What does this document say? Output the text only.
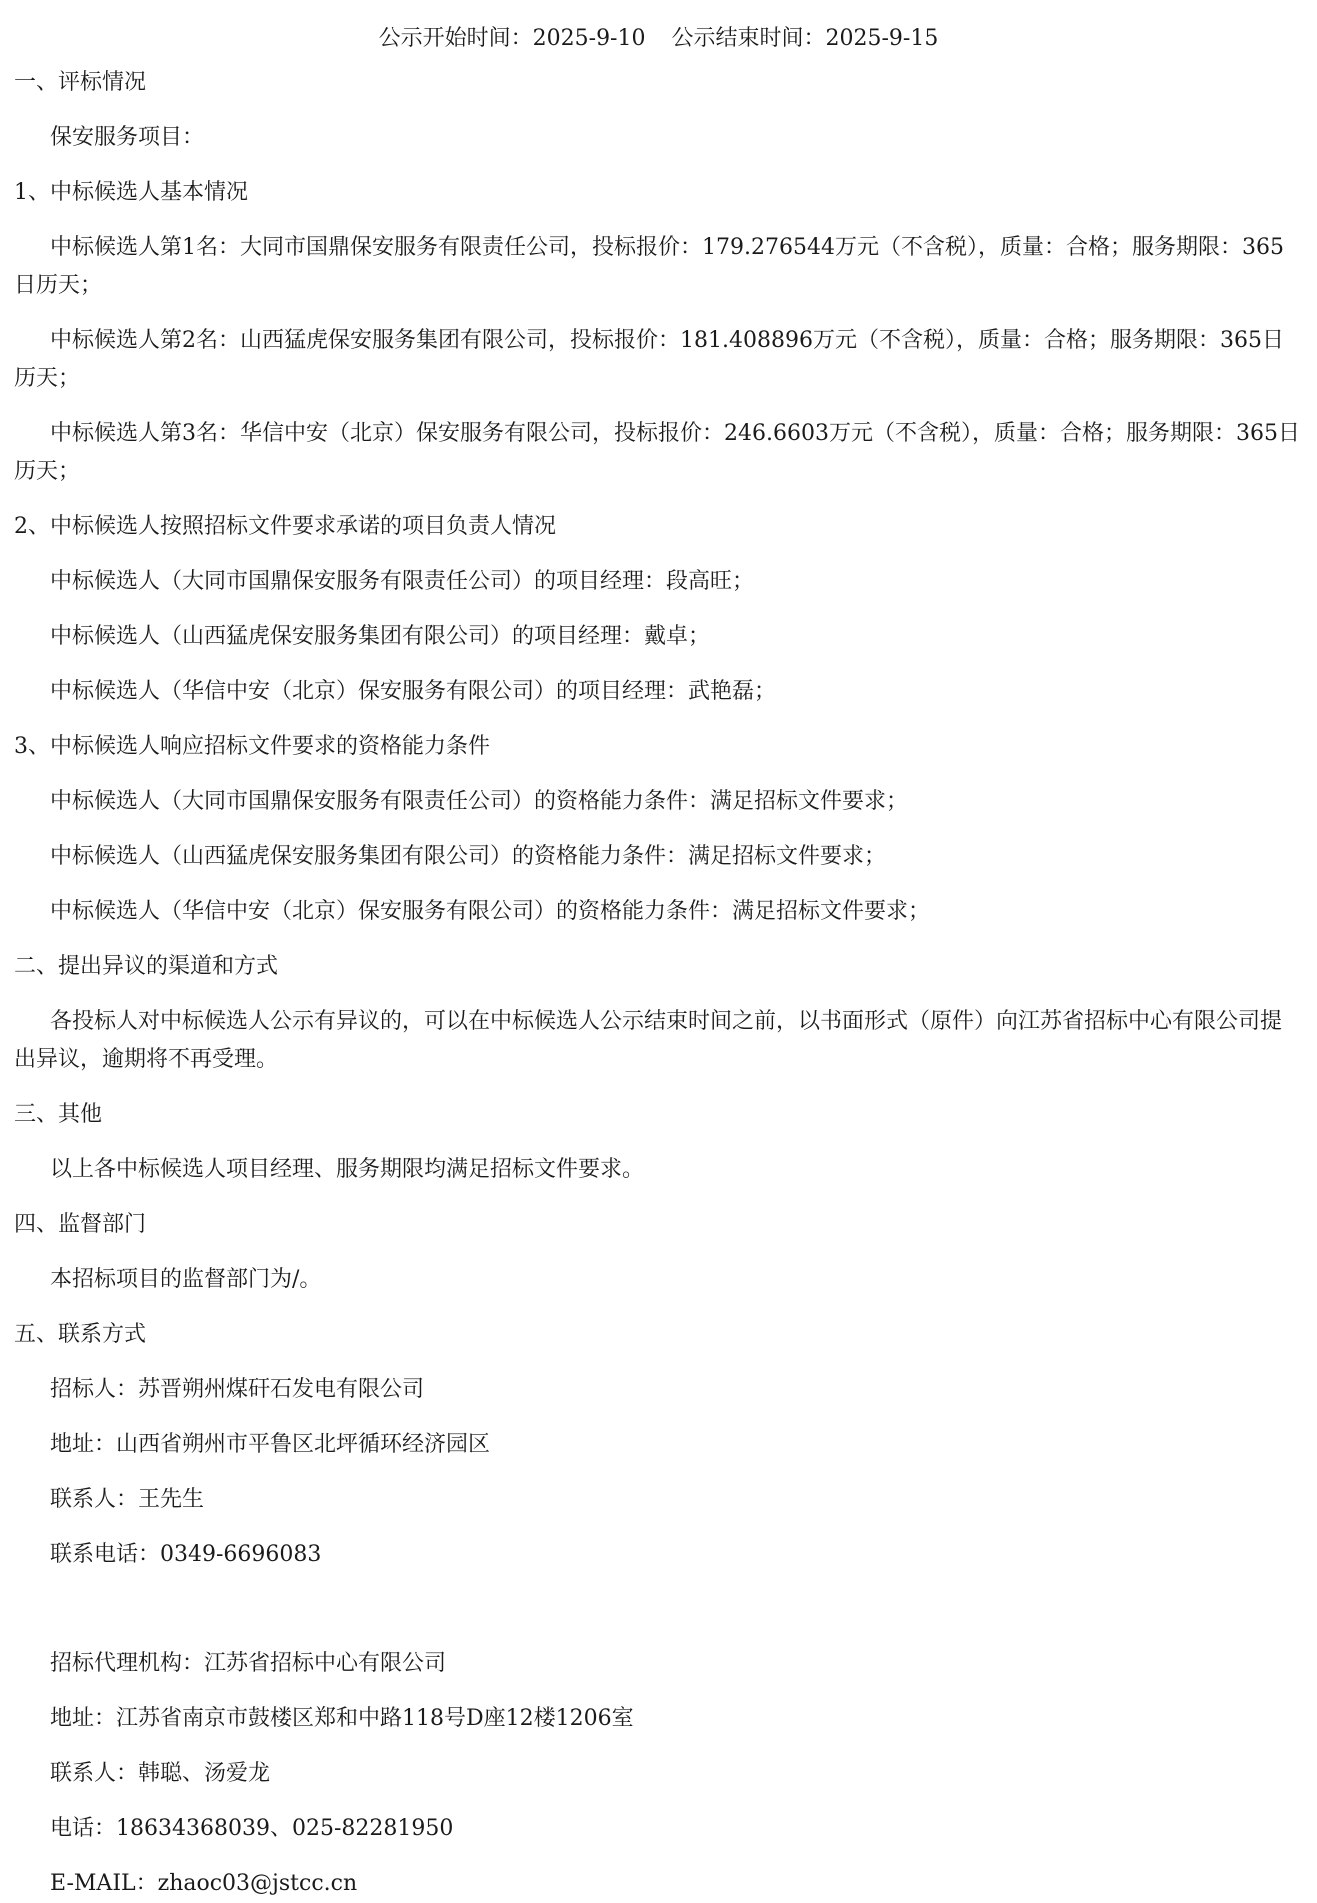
公示开始时间：2025-9-10 公示结束时间：2025-9-15
一、评标情况
保安服务项目：
1、中标候选人基本情况
中标候选人第1名：大同市国鼎保安服务有限责任公司，投标报价：179.276544万元（不含税），质量：合格；服务期限：365日历天；
中标候选人第2名：山西猛虎保安服务集团有限公司，投标报价：181.408896万元（不含税），质量：合格；服务期限：365日历天；
中标候选人第3名：华信中安（北京）保安服务有限公司，投标报价：246.6603万元（不含税），质量：合格；服务期限：365日历天；
2、中标候选人按照招标文件要求承诺的项目负责人情况
中标候选人（大同市国鼎保安服务有限责任公司）的项目经理：段高旺；
中标候选人（山西猛虎保安服务集团有限公司）的项目经理：戴卓；
中标候选人（华信中安（北京）保安服务有限公司）的项目经理：武艳磊；
3、中标候选人响应招标文件要求的资格能力条件
中标候选人（大同市国鼎保安服务有限责任公司）的资格能力条件：满足招标文件要求；
中标候选人（山西猛虎保安服务集团有限公司）的资格能力条件：满足招标文件要求；
中标候选人（华信中安（北京）保安服务有限公司）的资格能力条件：满足招标文件要求；
二、提出异议的渠道和方式
各投标人对中标候选人公示有异议的，可以在中标候选人公示结束时间之前，以书面形式（原件）向江苏省招标中心有限公司提出异议，逾期将不再受理。
三、其他
以上各中标候选人项目经理、服务期限均满足招标文件要求。
四、监督部门
本招标项目的监督部门为/。
五、联系方式
招标人：苏晋朔州煤矸石发电有限公司
地址：山西省朔州市平鲁区北坪循环经济园区
联系人：王先生
联系电话：0349-6696083
招标代理机构：江苏省招标中心有限公司
地址：江苏省南京市鼓楼区郑和中路118号D座12楼1206室
联系人：韩聪、汤爱龙
电话：18634368039、025-82281950
E-MAIL：zhaoc03@jstcc.cn
